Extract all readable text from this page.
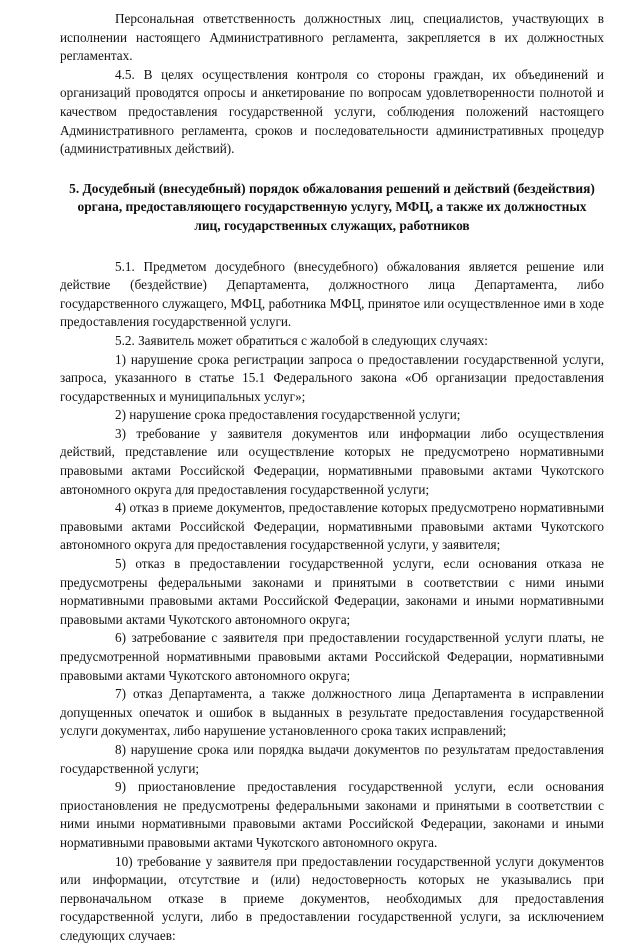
Персональная ответственность должностных лиц, специалистов, участвующих в исполнении настоящего Административного регламента, закрепляется в их должностных регламентах.

4.5. В целях осуществления контроля со стороны граждан, их объединений и организаций проводятся опросы и анкетирование по вопросам удовлетворенности полнотой и качеством предоставления государственной услуги, соблюдения положений настоящего Административного регламента, сроков и последовательности административных процедур (административных действий).

5. Досудебный (внесудебный) порядок обжалования решений и действий (бездействия) органа, предоставляющего государственную услугу, МФЦ, а также их должностных лиц, государственных служащих, работников

5.1. Предметом досудебного (внесудебного) обжалования является решение или действие (бездействие) Департамента, должностного лица Департамента, либо государственного служащего, МФЦ, работника МФЦ, принятое или осуществленное ими в ходе предоставления государственной услуги.

5.2. Заявитель может обратиться с жалобой в следующих случаях:

1) нарушение срока регистрации запроса о предоставлении государственной услуги, запроса, указанного в статье 15.1 Федерального закона «Об организации предоставления государственных и муниципальных услуг»;

2) нарушение срока предоставления государственной услуги;

3) требование у заявителя документов или информации либо осуществления действий, представление или осуществление которых не предусмотрено нормативными правовыми актами Российской Федерации, нормативными правовыми актами Чукотского автономного округа для предоставления государственной услуги;

4) отказ в приеме документов, предоставление которых предусмотрено нормативными правовыми актами Российской Федерации, нормативными правовыми актами Чукотского автономного округа для предоставления государственной услуги, у заявителя;

5) отказ в предоставлении государственной услуги, если основания отказа не предусмотрены федеральными законами и принятыми в соответствии с ними иными нормативными правовыми актами Российской Федерации, законами и иными нормативными правовыми актами Чукотского автономного округа;

6) затребование с заявителя при предоставлении государственной услуги платы, не предусмотренной нормативными правовыми актами Российской Федерации, нормативными правовыми актами Чукотского автономного округа;

7) отказ Департамента, а также должностного лица Департамента в исправлении допущенных опечаток и ошибок в выданных в результате предоставления государственной услуги документах, либо нарушение установленного срока таких исправлений;

8) нарушение срока или порядка выдачи документов по результатам предоставления государственной услуги;

9) приостановление предоставления государственной услуги, если основания приостановления не предусмотрены федеральными законами и принятыми в соответствии с ними иными нормативными правовыми актами Российской Федерации, законами и иными нормативными правовыми актами Чукотского автономного округа.

10) требование у заявителя при предоставлении государственной услуги документов или информации, отсутствие и (или) недостоверность которых не указывались при первоначальном отказе в приеме документов, необходимых для предоставления государственной услуги, либо в предоставлении государственной услуги, за исключением следующих случаев:
